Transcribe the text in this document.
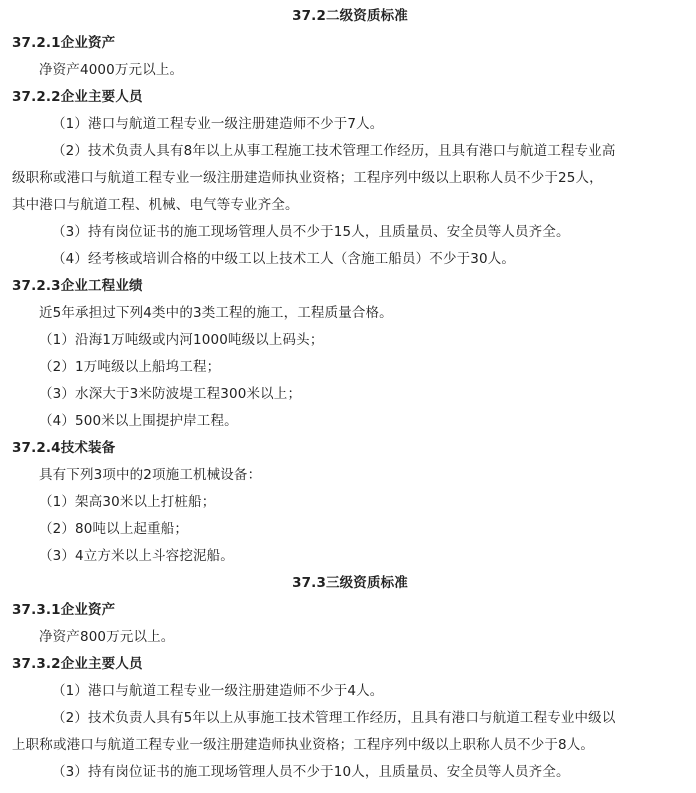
37.2二级资质标准
37.2.1企业资产
净资产4000万元以上。
37.2.2企业主要人员
（1）港口与航道工程专业一级注册建造师不少于7人。
（2）技术负责人具有8年以上从事工程施工技术管理工作经历，且具有港口与航道工程专业高
级职称或港口与航道工程专业一级注册建造师执业资格；工程序列中级以上职称人员不少于25人，
其中港口与航道工程、机械、电气等专业齐全。
（3）持有岗位证书的施工现场管理人员不少于15人，且质量员、安全员等人员齐全。
（4）经考核或培训合格的中级工以上技术工人（含施工船员）不少于30人。
37.2.3企业工程业绩
近5年承担过下列4类中的3类工程的施工，工程质量合格。
（1）沿海1万吨级或内河1000吨级以上码头；
（2）1万吨级以上船坞工程；
（3）水深大于3米防波堤工程300米以上；
（4）500米以上围提护岸工程。
37.2.4技术装备
具有下列3项中的2项施工机械设备：
（1）架高30米以上打桩船；
（2）80吨以上起重船；
（3）4立方米以上斗容挖泥船。
37.3三级资质标准
37.3.1企业资产
净资产800万元以上。
37.3.2企业主要人员
（1）港口与航道工程专业一级注册建造师不少于4人。
（2）技术负责人具有5年以上从事施工技术管理工作经历，且具有港口与航道工程专业中级以
上职称或港口与航道工程专业一级注册建造师执业资格；工程序列中级以上职称人员不少于8人。
（3）持有岗位证书的施工现场管理人员不少于10人，且质量员、安全员等人员齐全。
